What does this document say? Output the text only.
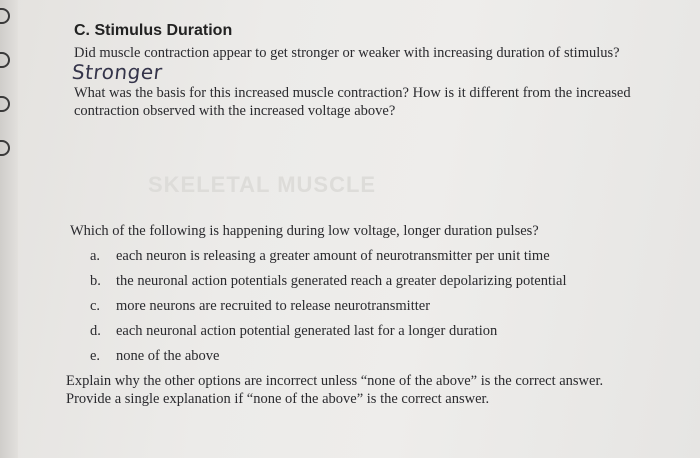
C. Stimulus Duration

Did muscle contraction appear to get stronger or weaker with increasing duration of stimulus?

Stronger

What was the basis for this increased muscle contraction? How is it different from the increased contraction observed with the increased voltage above?

SKELETAL MUSCLE

Which of the following is happening during low voltage, longer duration pulses?

a. each neuron is releasing a greater amount of neurotransmitter per unit time
b. the neuronal action potentials generated reach a greater depolarizing potential
c. more neurons are recruited to release neurotransmitter
d. each neuronal action potential generated last for a longer duration
e. none of the above

Explain why the other options are incorrect unless “none of the above” is the correct answer. Provide a single explanation if “none of the above” is the correct answer.
